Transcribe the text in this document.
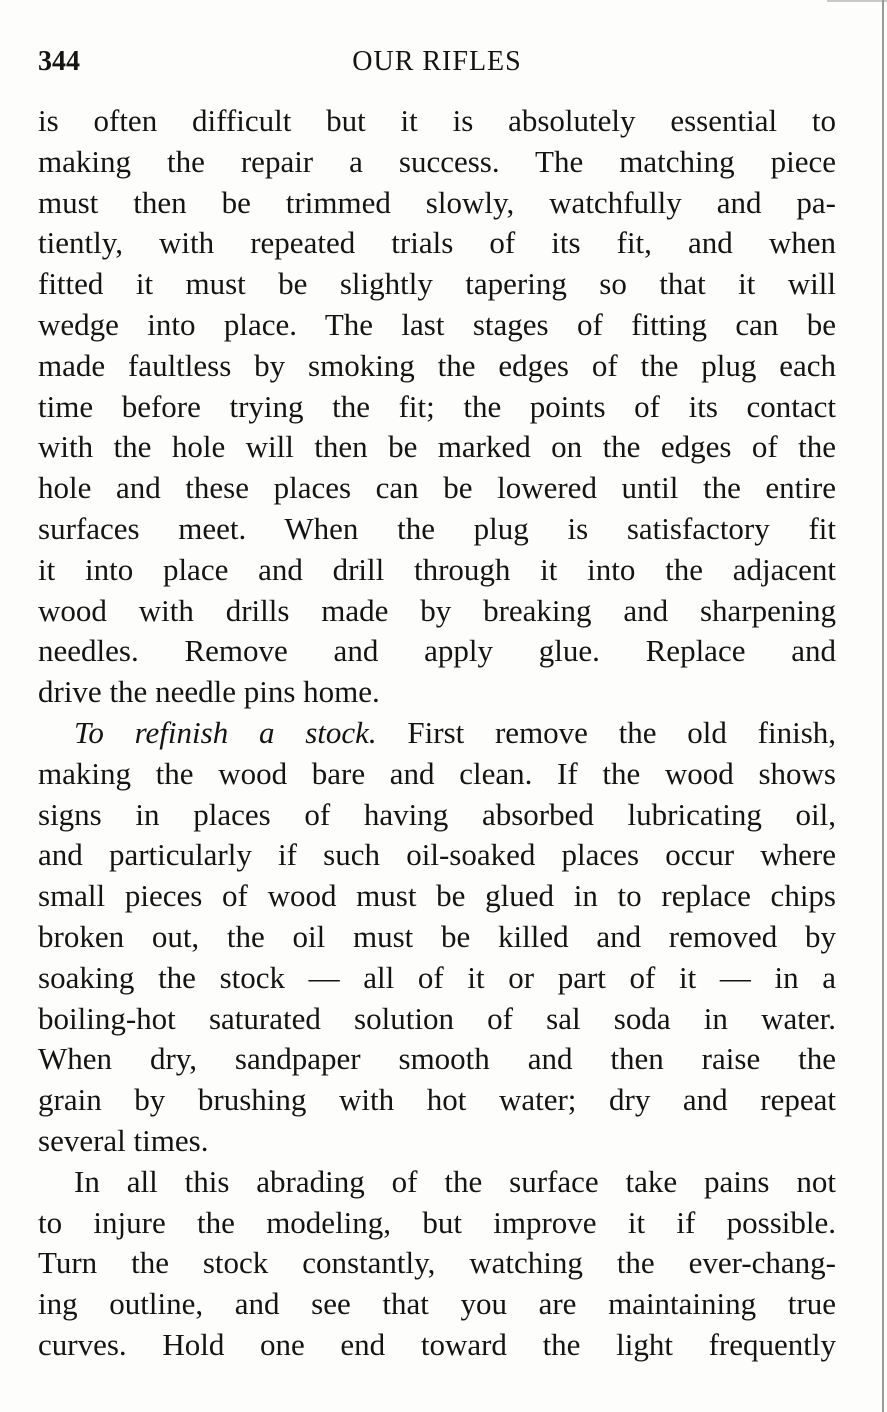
344	OUR RIFLES
is often difficult but it is absolutely essential to
making the repair a success. The matching piece
must then be trimmed slowly, watchfully and pa-
tiently, with repeated trials of its fit, and when
fitted it must be slightly tapering so that it will
wedge into place. The last stages of fitting can be
made faultless by smoking the edges of the plug each
time before trying the fit; the points of its contact
with the hole will then be marked on the edges of the
hole and these places can be lowered until the entire
surfaces meet. When the plug is satisfactory fit
it into place and drill through it into the adjacent
wood with drills made by breaking and sharpening
needles. Remove and apply glue. Replace and
drive the needle pins home.
To refinish a stock. First remove the old finish,
making the wood bare and clean. If the wood shows
signs in places of having absorbed lubricating oil,
and particularly if such oil-soaked places occur where
small pieces of wood must be glued in to replace chips
broken out, the oil must be killed and removed by
soaking the stock — all of it or part of it — in a
boiling-hot saturated solution of sal soda in water.
When dry, sandpaper smooth and then raise the
grain by brushing with hot water; dry and repeat
several times.
In all this abrading of the surface take pains not
to injure the modeling, but improve it if possible.
Turn the stock constantly, watching the ever-chang-
ing outline, and see that you are maintaining true
curves. Hold one end toward the light frequently
